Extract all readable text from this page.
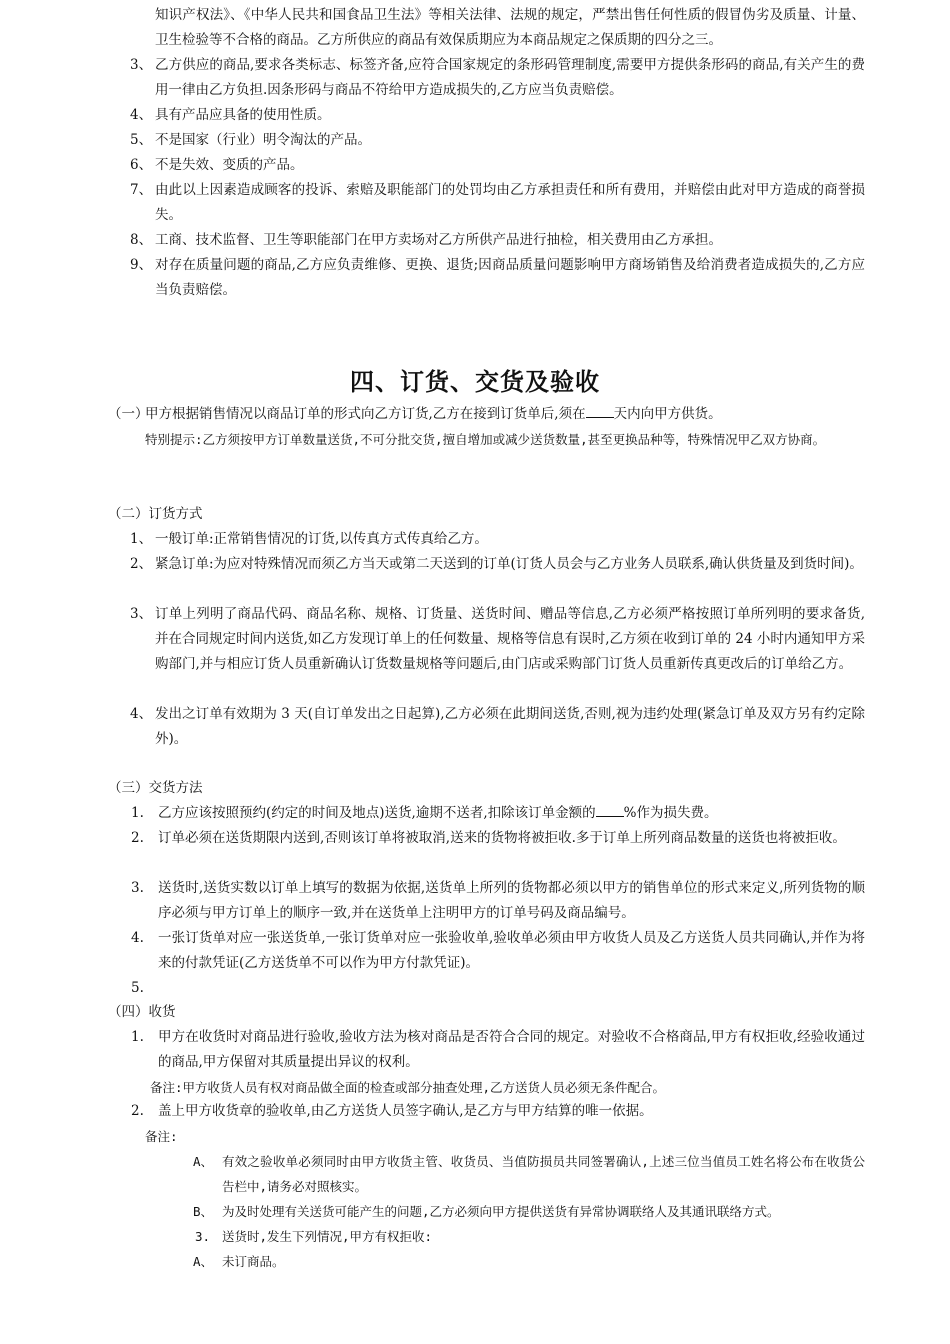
知识产权法》、《中华人民共和国食品卫生法》等相关法律、法规的规定，严禁出售任何性质的假冒伪劣及质量、计量、卫生检验等不合格的商品。乙方所供应的商品有效保质期应为本商品规定之保质期的四分之三。
3、 乙方供应的商品,要求各类标志、标签齐备,应符合国家规定的条形码管理制度,需要甲方提供条形码的商品,有关产生的费用一律由乙方负担.因条形码与商品不符给甲方造成损失的,乙方应当负责赔偿。
4、 具有产品应具备的使用性质。
5、 不是国家（行业）明令淘汰的产品。
6、 不是失效、变质的产品。
7、 由此以上因素造成顾客的投诉、索赔及职能部门的处罚均由乙方承担责任和所有费用，并赔偿由此对甲方造成的商誉损失。
8、 工商、技术监督、卫生等职能部门在甲方卖场对乙方所供产品进行抽检，相关费用由乙方承担。
9、 对存在质量问题的商品,乙方应负责维修、更换、退货;因商品质量问题影响甲方商场销售及给消费者造成损失的,乙方应当负责赔偿。
四、订货、交货及验收
（一）
甲方根据销售情况以商品订单的形式向乙方订货,乙方在接到订货单后,须在 天内向甲方供货。
特别提示:乙方须按甲方订单数量送货,不可分批交货,擅自增加或减少送货数量,甚至更换品种等，特殊情况甲乙双方协商。
（二）订货方式
1、 一般订单:正常销售情况的订货,以传真方式传真给乙方。
2、 紧急订单:为应对特殊情况而须乙方当天或第二天送到的订单(订货人员会与乙方业务人员联系,确认供货量及到货时间)。
3、 订单上列明了商品代码、商品名称、规格、订货量、送货时间、赠品等信息,乙方必须严格按照订单所列明的要求备货,并在合同规定时间内送货,如乙方发现订单上的任何数量、规格等信息有误时,乙方须在收到订单的 24 小时内通知甲方采购部门,并与相应订货人员重新确认订货数量规格等问题后,由门店或采购部门订货人员重新传真更改后的订单给乙方。
4、 发出之订单有效期为 3 天(自订单发出之日起算),乙方必须在此期间送货,否则,视为违约处理(紧急订单及双方另有约定除外)。
（三）交货方法
1. 乙方应该按照预约(约定的时间及地点)送货,逾期不送者,扣除该订单金额的 %作为损失费。
2. 订单必须在送货期限内送到,否则该订单将被取消,送来的货物将被拒收.多于订单上所列商品数量的送货也将被拒收。
3. 送货时,送货实数以订单上填写的数据为依据,送货单上所列的货物都必须以甲方的销售单位的形式来定义,所列货物的顺序必须与甲方订单上的顺序一致,并在送货单上注明甲方的订单号码及商品编号。
4. 一张订货单对应一张送货单,一张订货单对应一张验收单,验收单必须由甲方收货人员及乙方送货人员共同确认,并作为将来的付款凭证(乙方送货单不可以作为甲方付款凭证)。
5.
（四）收货
1. 甲方在收货时对商品进行验收,验收方法为核对商品是否符合合同的规定。对验收不合格商品,甲方有权拒收,经验收通过的商品,甲方保留对其质量提出异议的权利。
备注:甲方收货人员有权对商品做全面的检查或部分抽查处理,乙方送货人员必须无条件配合。
2. 盖上甲方收货章的验收单,由乙方送货人员签字确认,是乙方与甲方结算的唯一依据。
备注:
A、 有效之验收单必须同时由甲方收货主管、收货员、当值防损员共同签署确认,上述三位当值员工姓名将公布在收货公告栏中,请务必对照核实。
B、 为及时处理有关送货可能产生的问题,乙方必须向甲方提供送货有异常协调联络人及其通讯联络方式。
3. 送货时,发生下列情况,甲方有权拒收:
A、 未订商品。
